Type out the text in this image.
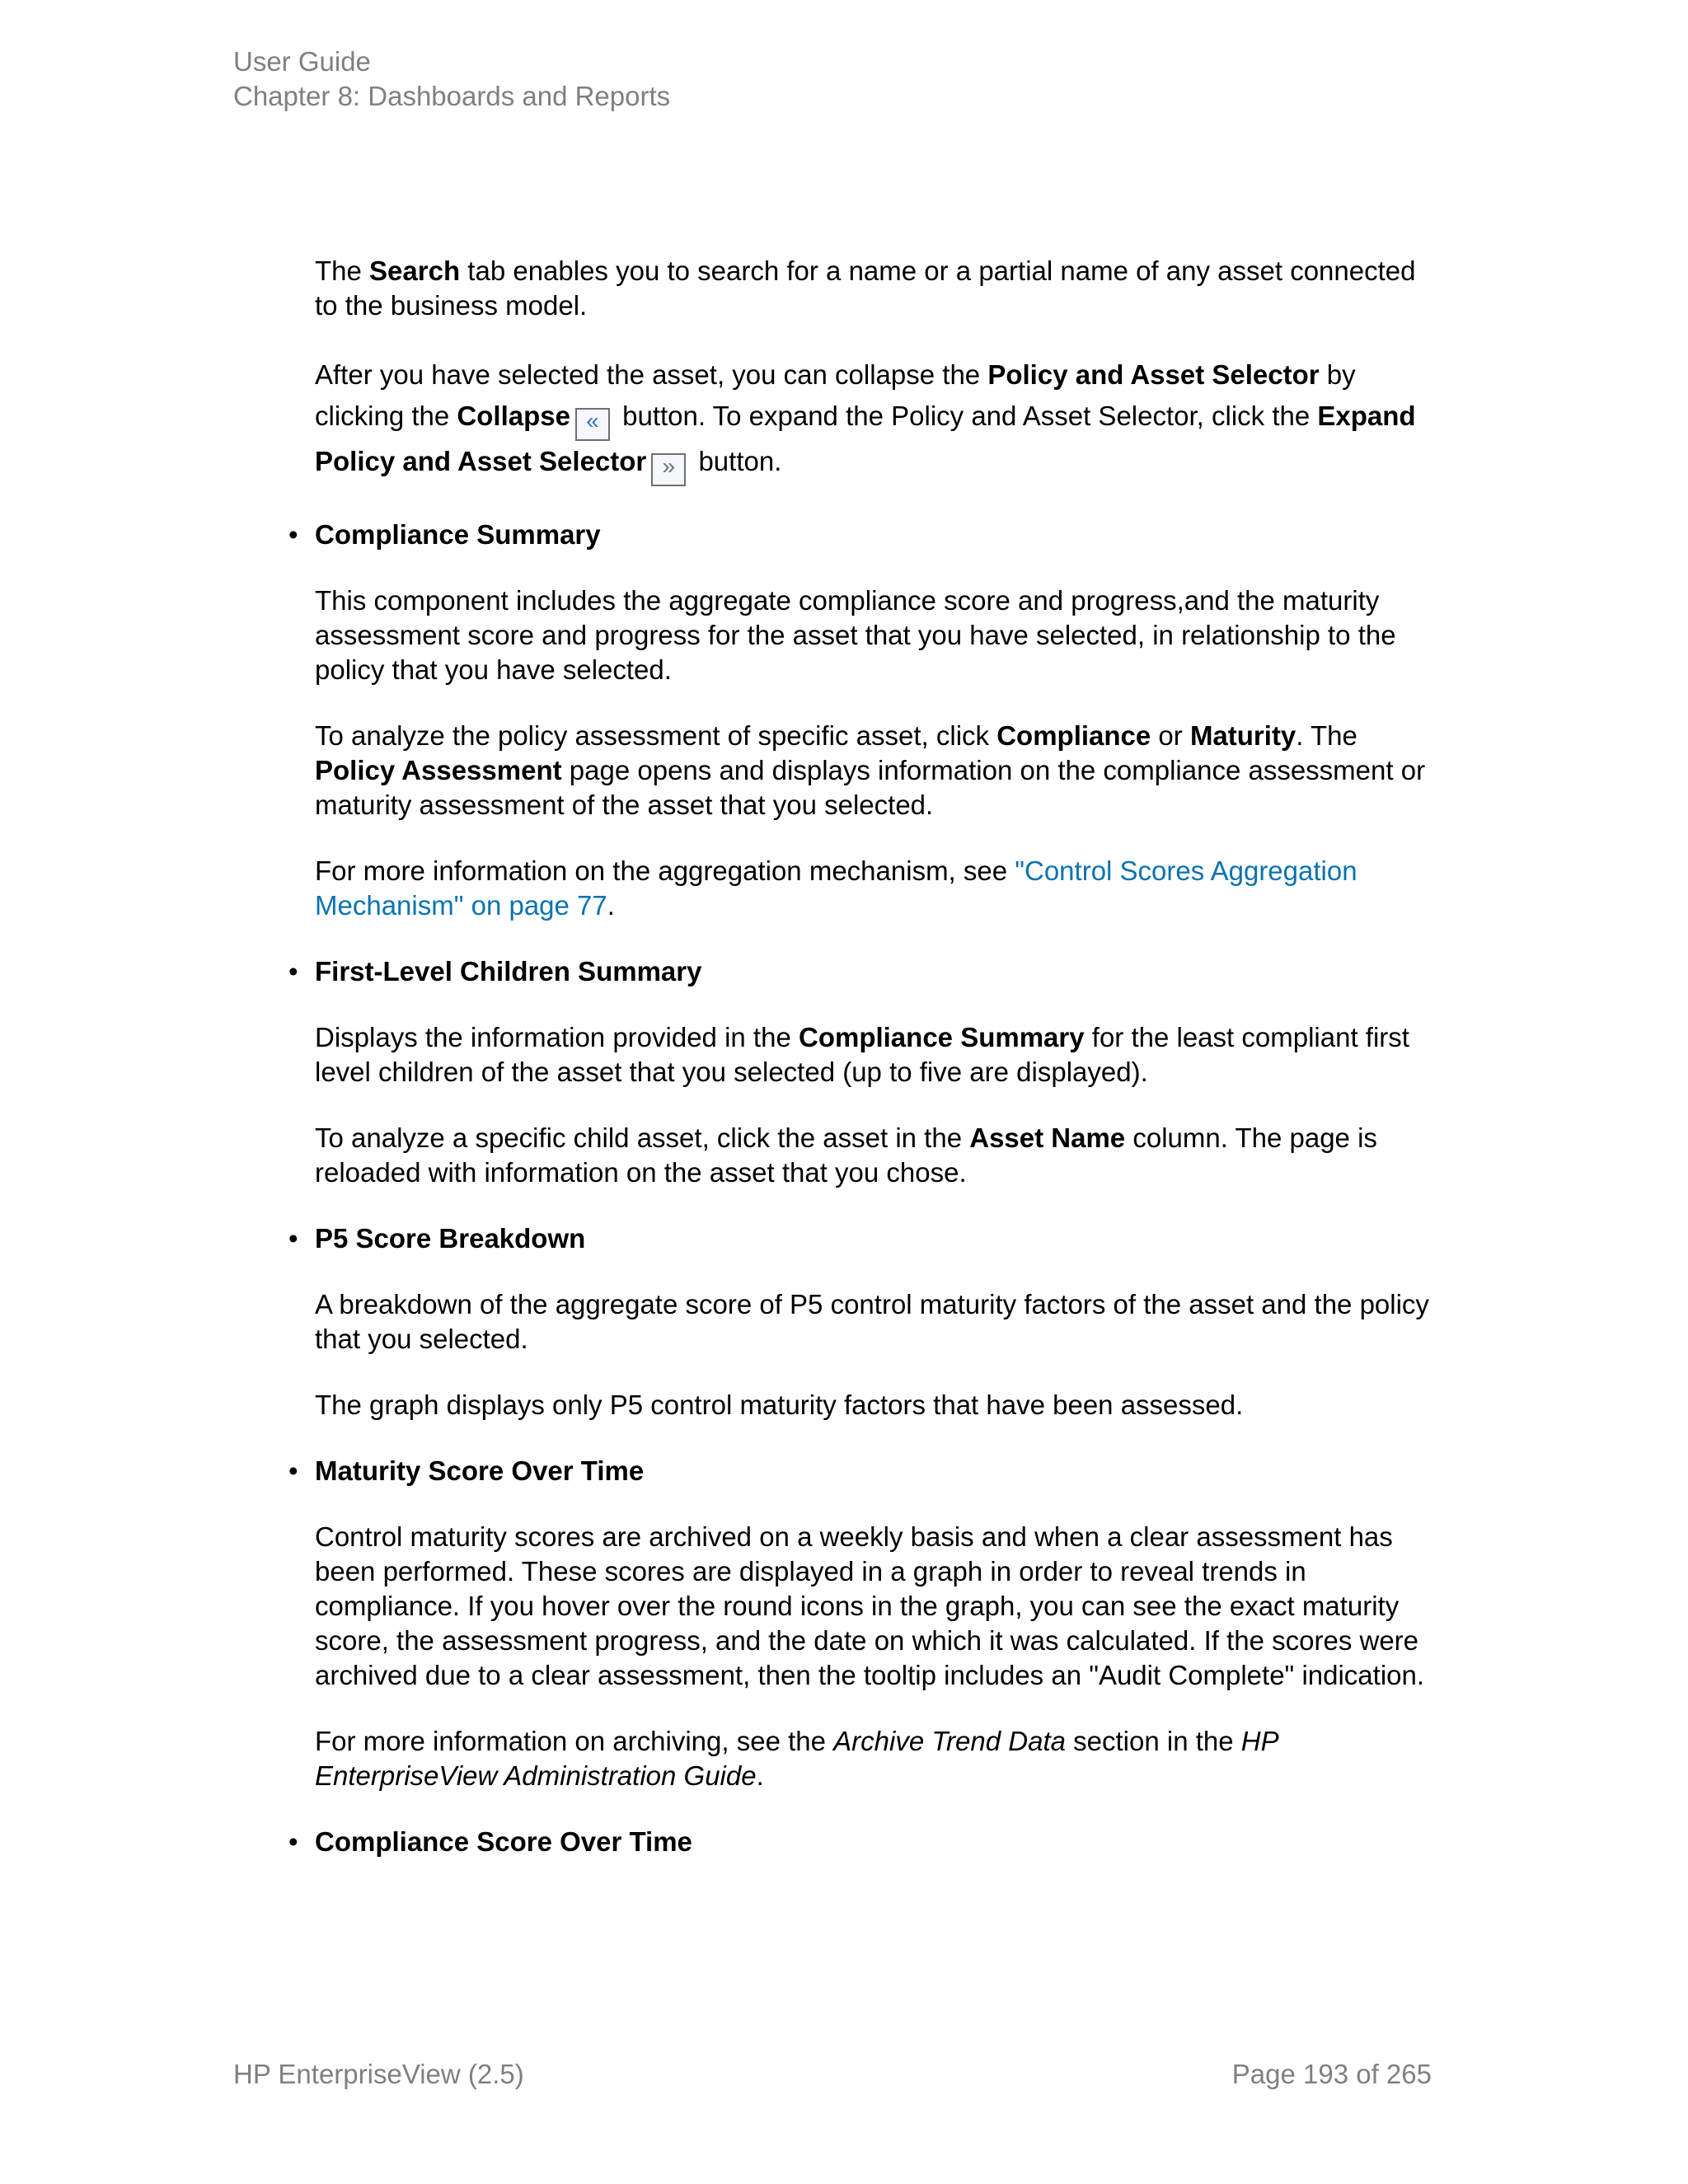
User Guide
Chapter 8: Dashboards and Reports

The Search tab enables you to search for a name or a partial name of any asset connected to the business model.

After you have selected the asset, you can collapse the Policy and Asset Selector by clicking the Collapse « button. To expand the Policy and Asset Selector, click the Expand Policy and Asset Selector » button.

• Compliance Summary

This component includes the aggregate compliance score and progress,and the maturity assessment score and progress for the asset that you have selected, in relationship to the policy that you have selected.

To analyze the policy assessment of specific asset, click Compliance or Maturity. The Policy Assessment page opens and displays information on the compliance assessment or maturity assessment of the asset that you selected.

For more information on the aggregation mechanism, see "Control Scores Aggregation Mechanism" on page 77.

• First-Level Children Summary

Displays the information provided in the Compliance Summary for the least compliant first level children of the asset that you selected (up to five are displayed).

To analyze a specific child asset, click the asset in the Asset Name column. The page is reloaded with information on the asset that you chose.

• P5 Score Breakdown

A breakdown of the aggregate score of P5 control maturity factors of the asset and the policy that you selected.

The graph displays only P5 control maturity factors that have been assessed.

• Maturity Score Over Time

Control maturity scores are archived on a weekly basis and when a clear assessment has been performed. These scores are displayed in a graph in order to reveal trends in compliance. If you hover over the round icons in the graph, you can see the exact maturity score, the assessment progress, and the date on which it was calculated. If the scores were archived due to a clear assessment, then the tooltip includes an "Audit Complete" indication.

For more information on archiving, see the Archive Trend Data section in the HP EnterpriseView Administration Guide.

• Compliance Score Over Time
HP EnterpriseView (2.5)	Page 193 of 265
